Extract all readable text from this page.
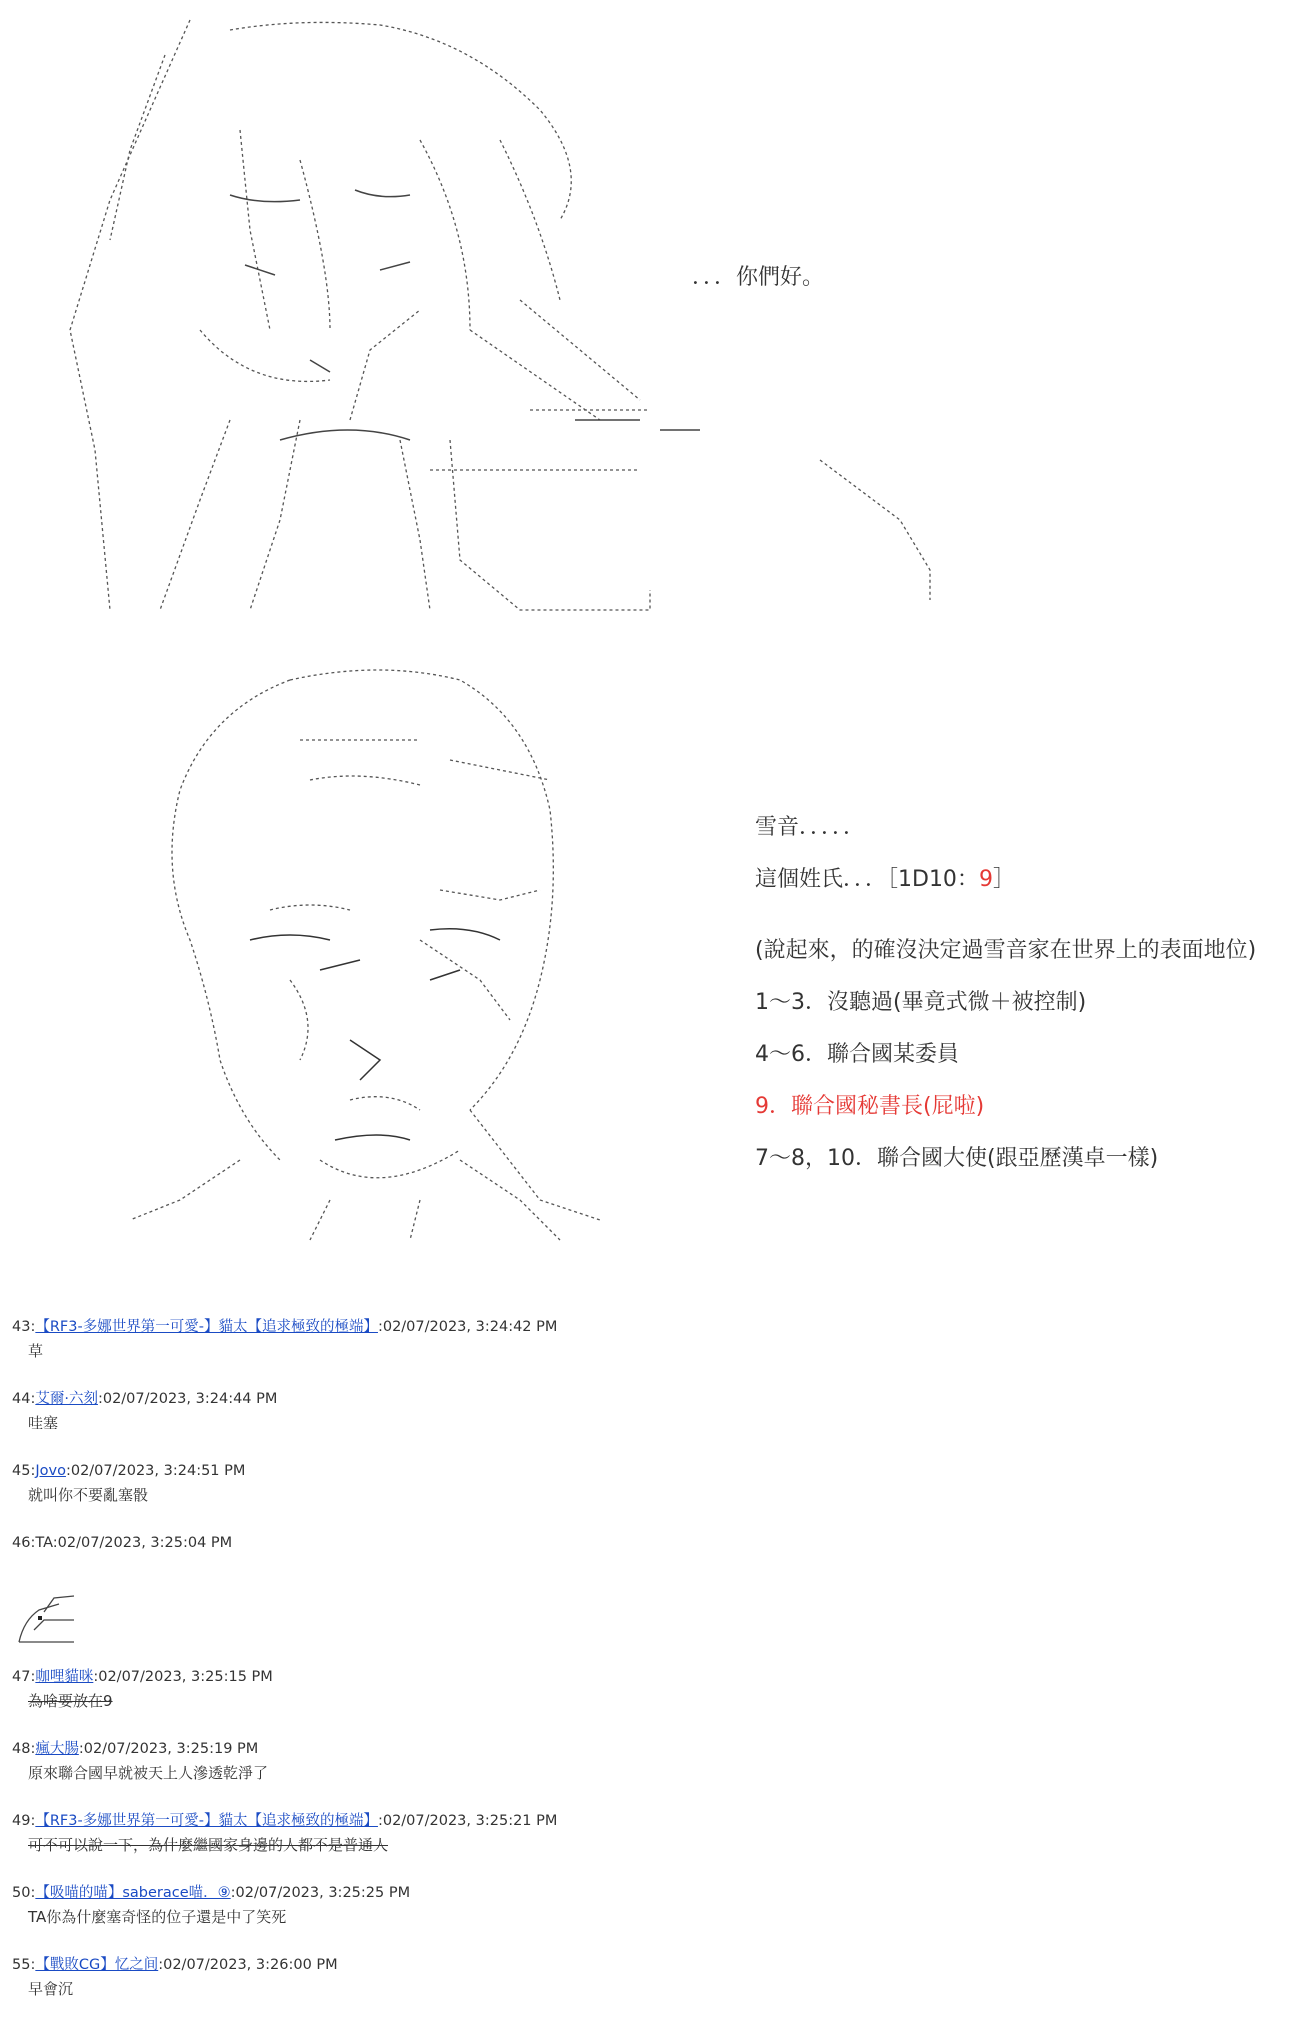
．．．你們好。
雪音．．．．．
這個姓氏．．．［1D10：9］
(說起來，的確沒決定過雪音家在世界上的表面地位)
1～3．沒聽過(畢竟式微＋被控制)
4～6．聯合國某委員
9．聯合國秘書長(屁啦)
7～8，10．聯合國大使(跟亞歷漢卓一樣)
43:【RF3-多娜世界第一可愛-】貓太【追求極致的極端】:02/07/2023, 3:24:42 PM
草
44:艾爾·六刻:02/07/2023, 3:24:44 PM
哇塞
45:Jovo:02/07/2023, 3:24:51 PM
就叫你不要亂塞骰
46:TA:02/07/2023, 3:25:04 PM
47:咖哩貓咪:02/07/2023, 3:25:15 PM
為啥要放在9
48:瘋大腸:02/07/2023, 3:25:19 PM
原來聯合國早就被天上人滲透乾淨了
49:【RF3-多娜世界第一可愛-】貓太【追求極致的極端】:02/07/2023, 3:25:21 PM
可不可以說一下，為什麼繼國家身邊的人都不是普通人
50:【吸喵的喵】saberace喵．⑨:02/07/2023, 3:25:25 PM
TA你為什麼塞奇怪的位子還是中了笑死
55:【戰敗CG】忆之间:02/07/2023, 3:26:00 PM
早會沉
